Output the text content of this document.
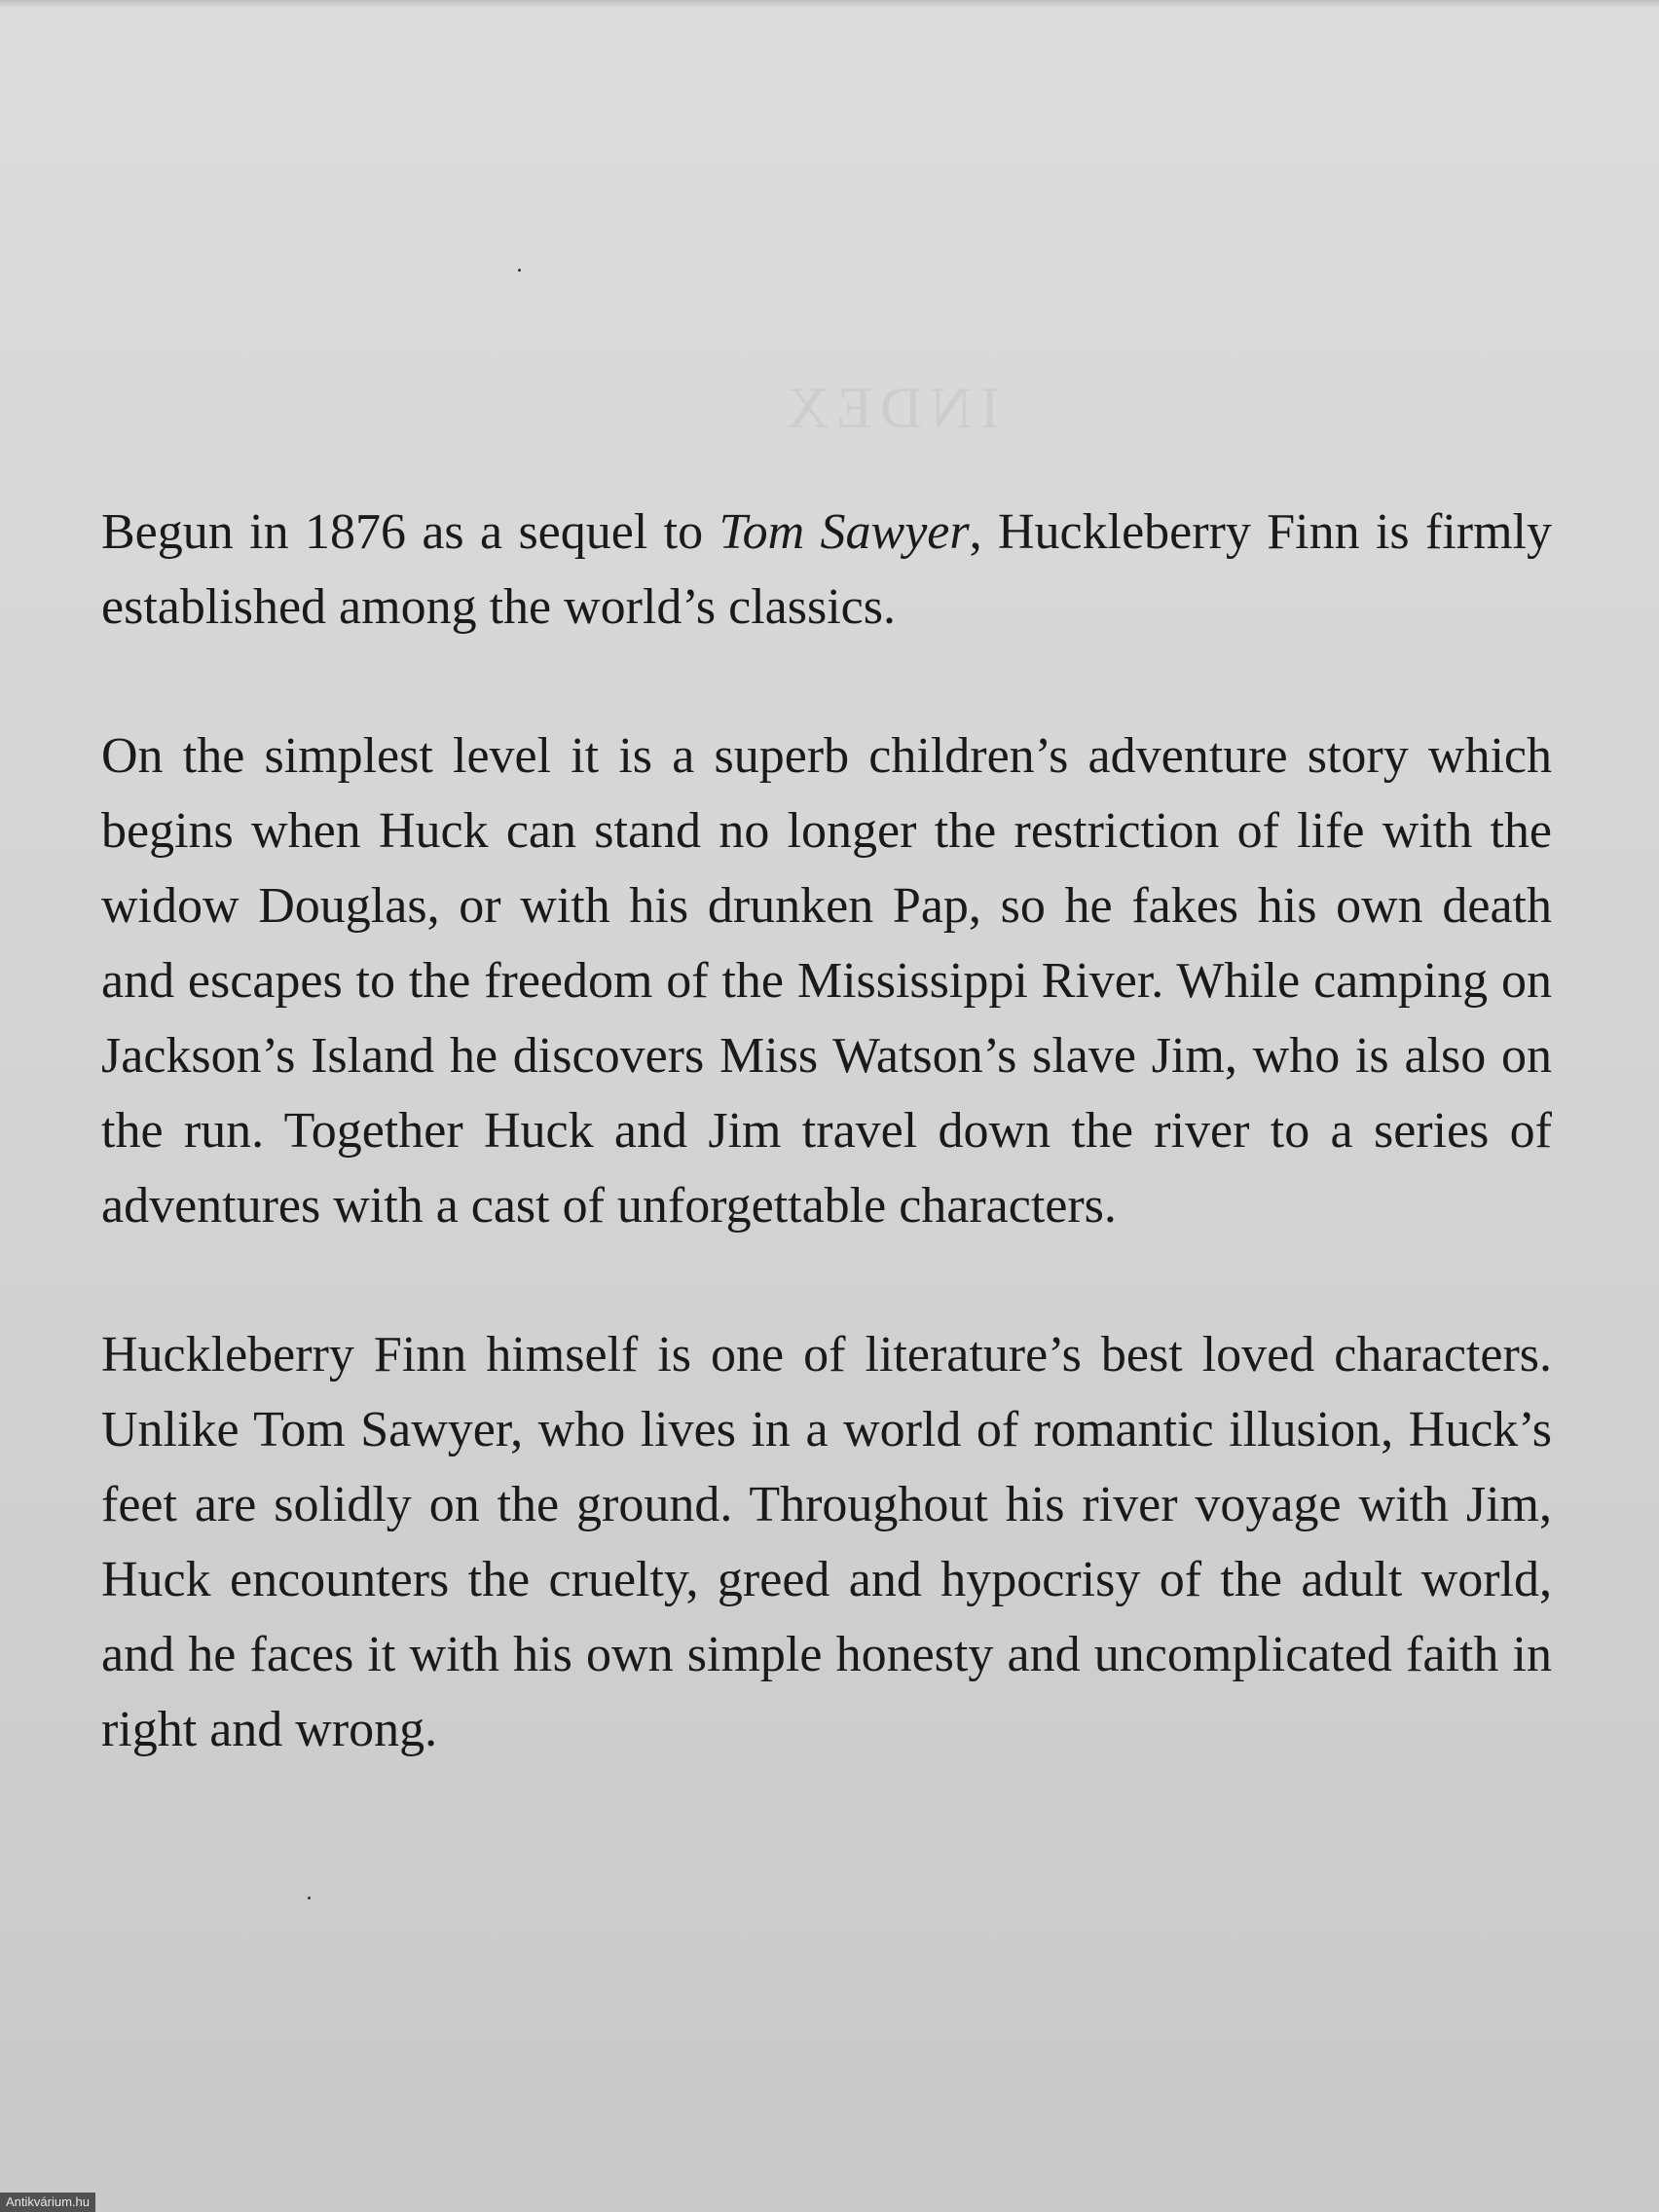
INDEX

Begun in 1876 as a sequel to Tom Sawyer, Huckleberry Finn is firmly established among the world’s classics.

On the simplest level it is a superb children’s adventure story which begins when Huck can stand no longer the restriction of life with the widow Douglas, or with his drunken Pap, so he fakes his own death and escapes to the freedom of the Mississippi River. While camping on Jackson’s Island he discovers Miss Watson’s slave Jim, who is also on the run. Together Huck and Jim travel down the river to a series of adventures with a cast of unforgettable characters.

Huckleberry Finn himself is one of literature’s best loved characters. Unlike Tom Sawyer, who lives in a world of romantic illusion, Huck’s feet are solidly on the ground. Throughout his river voyage with Jim, Huck encounters the cruelty, greed and hypocrisy of the adult world, and he faces it with his own simple honesty and uncomplicated faith in right and wrong.

Antikvárium.hu
